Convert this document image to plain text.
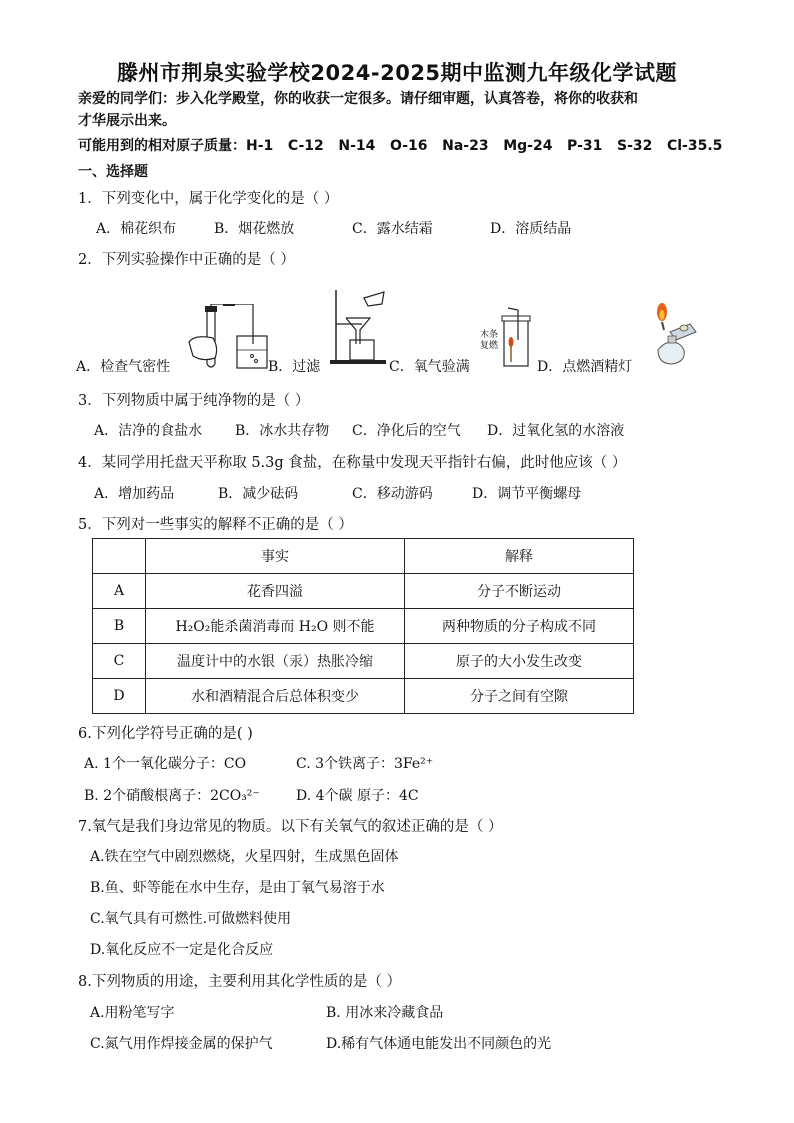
滕州市荆泉实验学校2024-2025期中监测九年级化学试题
亲爱的同学们：步入化学殿堂，你的收获一定很多。请仔细审题，认真答卷，将你的收获和
才华展示出来。
可能用到的相对原子质量：H-1   C-12   N-14   O-16   Na-23   Mg-24   P-31   S-32   Cl-35.5
一、选择题
1．下列变化中，属于化学变化的是（ ）
A．棉花织布	B．烟花燃放	C．露水结霜	D．溶质结晶
2．下列实验操作中正确的是（ ）
A．检查气密性	B．过滤
木条
复燃
C．氧气验满	D．点燃酒精灯
3．下列物质中属于纯净物的是（ ）
A．洁净的食盐水 B．冰水共存物 C．净化后的空气 D．过氧化氢的水溶液
4．某同学用托盘天平称取 5.3g 食盐，在称量中发现天平指针右偏，此时他应该（ ）
A．增加药品	B．减少砝码	C．移动游码	D．调节平衡螺母
5．下列对一些事实的解释不正确的是（ ）
	事实	解释
A	花香四溢	分子不断运动
B	H₂O₂能杀菌消毒而 H₂O 则不能	两种物质的分子构成不同
C	温度计中的水银（汞）热胀冷缩	原子的大小发生改变
D	水和酒精混合后总体积变少	分子之间有空隙
6.下列化学符号正确的是( )
A. 1个一氧化碳分子：CO	C. 3个铁离子：3Fe²⁺
B. 2个硝酸根离子：2CO₃²⁻	D. 4个碳 原子：4C
7.氧气是我们身边常见的物质。以下有关氧气的叙述正确的是（ ）
A.铁在空气中剧烈燃烧，火星四射，生成黑色固体
B.鱼、虾等能在水中生存，是由丁氧气易溶于水
C.氧气具有可燃性.可做燃料使用
D.氧化反应不一定是化合反应
8.下列物质的用途，主要利用其化学性质的是（ ）
A.用粉笔写字	B. 用冰来冷藏食品
C.氮气用作焊接金属的保护气	D.稀有气体通电能发出不同颜色的光
